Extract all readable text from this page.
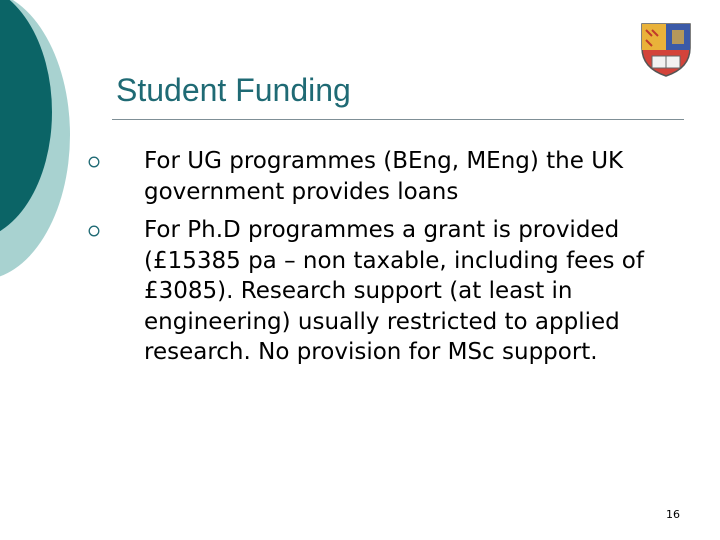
Student Funding
For UG programmes (BEng, MEng) the UK government provides loans
For Ph.D programmes a grant is provided (£15385 pa – non taxable, including fees of £3085). Research support (at least in engineering) usually restricted to applied research. No provision for MSc support.
16
